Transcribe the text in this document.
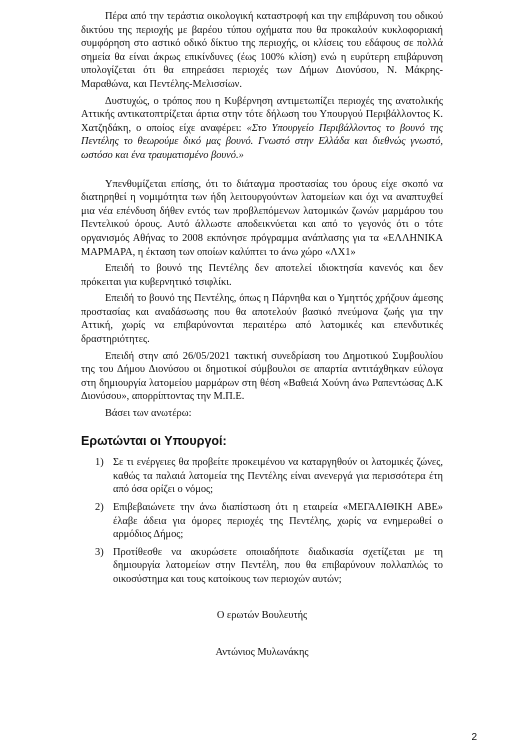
Πέρα από την τεράστια οικολογική καταστροφή και την επιβάρυνση του οδικού δικτύου της περιοχής με βαρέου τύπου οχήματα που θα προκαλούν κυκλοφοριακή συμφόρηση στο αστικό οδικό δίκτυο της περιοχής, οι κλίσεις του εδάφους σε πολλά σημεία θα είναι άκρως επικίνδυνες (έως 100% κλίση) ενώ η ευρύτερη επιβάρυνση υπολογίζεται ότι θα επηρεάσει περιοχές των Δήμων Διονύσου, Ν. Μάκρης-Μαραθώνα, και Πεντέλης-Μελισσίων.

Δυστυχώς, ο τρόπος που η Κυβέρνηση αντιμετωπίζει περιοχές της ανατολικής Αττικής αντικατοπτρίζεται άρτια στην τότε δήλωση του Υπουργού Περιβάλλοντος Κ. Χατζηδάκη, ο οποίος είχε αναφέρει: «Στο Υπουργείο Περιβάλλοντος το βουνό της Πεντέλης το θεωρούμε δικό μας βουνό. Γνωστό στην Ελλάδα και διεθνώς γνωστό, ωστόσο και ένα τραυματισμένο βουνό.»

Υπενθυμίζεται επίσης, ότι το διάταγμα προστασίας του όρους είχε σκοπό να διατηρηθεί η νομιμότητα των ήδη λειτουργούντων λατομείων και όχι να αναπτυχθεί μια νέα επένδυση δήθεν εντός των προβλεπόμενων λατομικών ζωνών μαρμάρου του Πεντελικού όρους. Αυτό άλλωστε αποδεικνύεται και από το γεγονός ότι ο τότε οργανισμός Αθήνας το 2008 εκπόνησε πρόγραμμα ανάπλασης για τα «ΕΛΛΗΝΙΚΑ ΜΑΡΜΑΡΑ, η έκταση των οποίων καλύπτει το άνω χώρο «ΛΧ1»

Επειδή το βουνό της Πεντέλης δεν αποτελεί ιδιοκτησία κανενός και δεν πρόκειται για κυβερνητικό τσιφλίκι.

Επειδή το βουνό της Πεντέλης, όπως η Πάρνηθα και ο Υμηττός χρήζουν άμεσης προστασίας και αναδάσωσης που θα αποτελούν βασικό πνεύμονα ζωής για την Αττική, χωρίς να επιβαρύνονται περαιτέρω από λατομικές και επενδυτικές δραστηριότητες.

Επειδή στην από 26/05/2021 τακτική συνεδρίαση του Δημοτικού Συμβουλίου της του Δήμου Διονύσου οι δημοτικοί σύμβουλοι σε απαρτία αντιτάχθηκαν εύλογα στη δημιουργία λατομείου μαρμάρων στη θέση «Βαθειά Χούνη άνω Ραπεντώσας Δ.Κ Διονύσου», απορρίπτοντας την Μ.Π.Ε.

Βάσει των ανωτέρω:

Ερωτώνται οι Υπουργοί:
1) Σε τι ενέργειες θα προβείτε προκειμένου να καταργηθούν οι λατομικές ζώνες, καθώς τα παλαιά λατομεία της Πεντέλης είναι ανενεργά για περισσότερα έτη από όσα ορίζει ο νόμος;
2) Επιβεβαιώνετε την άνω διαπίστωση ότι η εταιρεία «ΜΕΓΑΛΙΘΙΚΗ ΑΒΕ» έλαβε άδεια για όμορες περιοχές της Πεντέλης, χωρίς να ενημερωθεί ο αρμόδιος Δήμος;
3) Προτίθεσθε να ακυρώσετε οποιαδήποτε διαδικασία σχετίζεται με τη δημιουργία λατομείων στην Πεντέλη, που θα επιβαρύνουν πολλαπλώς το οικοσύστημα και τους κατοίκους των περιοχών αυτών;
Ο ερωτών Βουλευτής
Αντώνιος Μυλωνάκης
2
